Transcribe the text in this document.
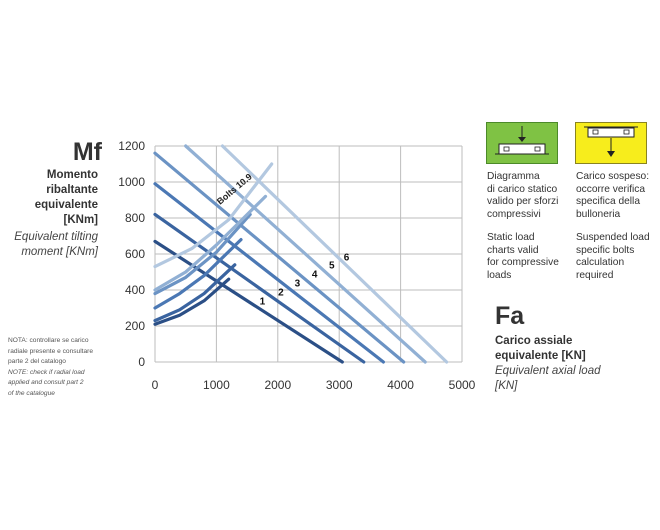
Mf
Momento
ribaltante
equivalente
[KNm]
Equivalent tilting
moment [KNm]
NOTA: controllare se carico
radiale presente e consultare
parte 2 del catalogo
NOTE: check if radial load
applied and consult part 2
of the catalogue
0
200
400
600
800
1000
1200
0	1000	2000	3000	4000	5000
1
2
3
4
5
6
Bolts 10.9
Fa
Carico assiale
equivalente [KN]
Equivalent axial load
[KN]
Diagramma
di carico statico
valido per sforzi
compressivi
Static load
charts valid
for compressive
loads
Carico sospeso:
occorre verifica
specifica della
bulloneria
Suspended load
specific bolts
calculation
required
